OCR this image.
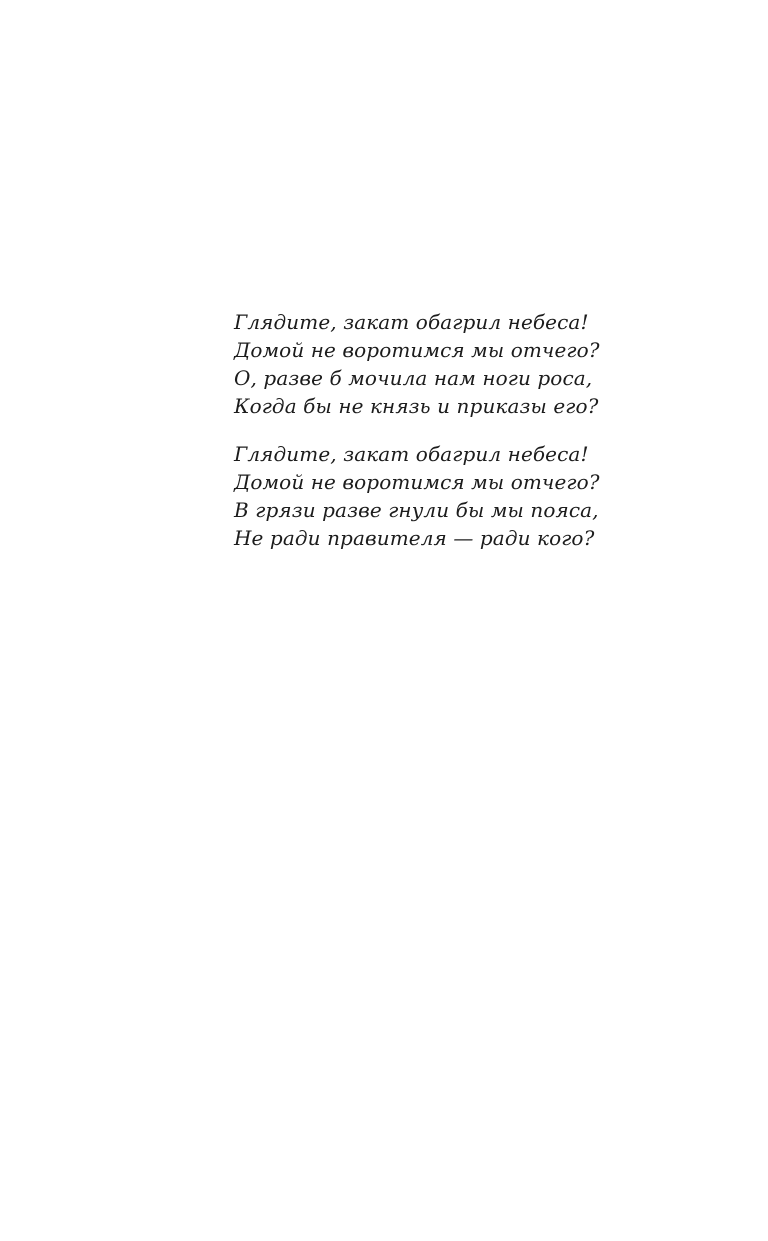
Глядите, закат обагрил небеса!
Домой не воротимся мы отчего?
О, разве б мочила нам ноги роса,
Когда бы не князь и приказы его?
Глядите, закат обагрил небеса!
Домой не воротимся мы отчего?
В грязи разве гнули бы мы пояса,
Не ради правителя — ради кого?
